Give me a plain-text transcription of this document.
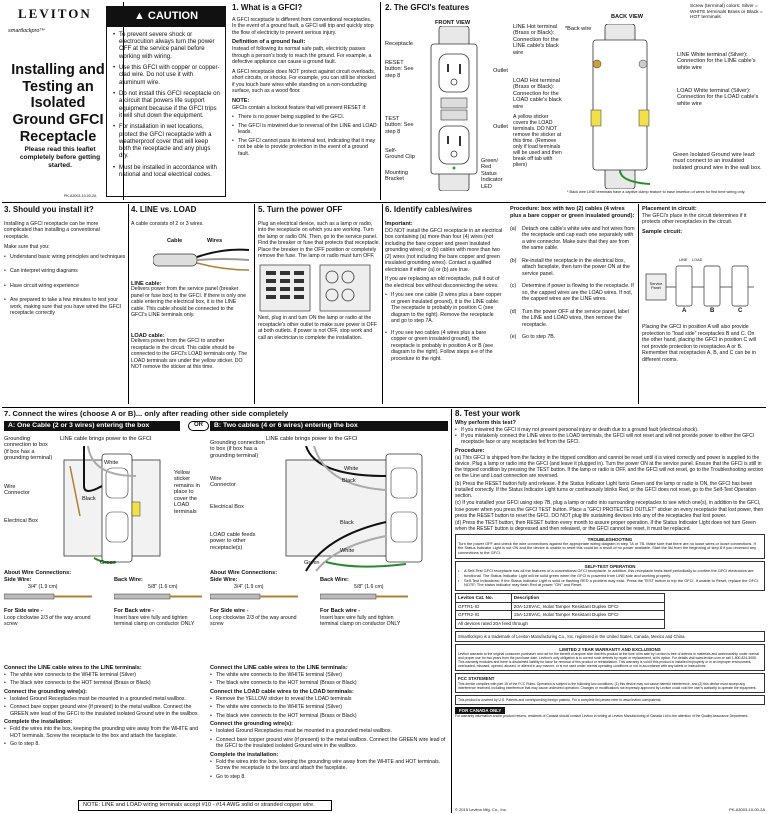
LEVITON
smartlockpro™
Installing and Testing an Isolated Ground GFCI Receptacle
Please read this leaflet completely before getting started.
PK-A3003-10-00-2A
▲ CAUTION
• To prevent severe shock or electrocution always turn the power OFF at the service panel before working with wiring.
• Use this GFCI with copper or copper-clad wire. Do not use it with aluminum wire.
• Do not install this GFCI receptacle on a circuit that powers life support equipment because if the GFCI trips it will shut down the equipment.
• For installation in wet locations, protect the GFCI receptacle with a weatherproof cover that will keep both the receptacle and any plugs dry.
• Must be installed in accordance with national and local electrical codes.
1. What is a GFCI?

A GFCI receptacle is different from conventional receptacles. In the event of a ground fault, a GFCI will trip and quickly stop the flow of electricity to prevent serious injury.

Definition of a ground fault:

Instead of following its normal safe path, electricity passes through a person's body to reach the ground. For example, a defective appliance can cause a ground fault.

A GFCI receptacle does NOT protect against circuit overloads, short circuits, or shocks. For example, you can still be shocked if you touch bare wires while standing on a non-conducting surface, such as a wood floor.

NOTE:

GFCIs contain a lockout feature that will prevent RESET if:

• There is no power being supplied to the GFCI.
• The GFCI is miswired due to reversal of the LINE and LOAD leads.
• The GFCI cannot pass its internal test, indicating that it may not be able to provide protection in the event of a ground fault.
2. The GFCI's features
FRONT VIEW
BACK VIEW
Screw (terminal) colors: Silver = WHITE terminals Brass or Black = HOT terminals
Receptacle
RESET button: See step 8
TEST button: See step 8
Self-Ground Clip
Mounting Bracket
Outlet
Outlet
Green/ Red Status Indicator LED
LINE Hot terminal (Brass or Black): Connection for the LINE cable's black wire
*Back wire
LOAD Hot terminal (Brass or Black): Connection for the LOAD cable's black wire
A yellow sticker covers the LOAD terminals. DO NOT remove the sticker at this time. (Remove only if load terminals will be used and then break off tab with pliers)
LINE White terminal (Silver): Connection for the LINE cable's white wire
LOAD White terminal (Silver): Connection for the LOAD cable's white wire
Green Isolated Ground wire lead: must connect to an insulated isolated ground wire in the wall box.
* Back wire LINE terminals have a captive clamp feature to ease insertion of wires for first time wiring only.
3. Should you install it?

Installing a GFCI receptacle can be more complicated than installing a conventional receptacle.

Make sure that you:

• Understand basic wiring principles and techniques
• Can interpret wiring diagrams
• Have circuit wiring experience
• Are prepared to take a few minutes to test your work, making sure that you have wired the GFCI receptacle correctly
4. LINE vs. LOAD

A cable consists of 2 or 3 wires.

Cable	Wires
LINE cable:

Delivers power from the service panel (breaker panel or fuse box) to the GFCI. If there is only one cable entering the electrical box, it is the LINE cable. This cable should be connected to the GFCI's LINE terminals only.

LOAD cable:

Delivers power from the GFCI to another receptacle in the circuit. This cable should be connected to the GFCI's LOAD terminals only. The LOAD terminals are under the yellow sticker. DO NOT remove the sticker at this time.

5. Turn the power OFF

Plug an electrical device, such as a lamp or radio, into the receptacle on which you are working. Turn the lamp or radio ON. Then, go to the service panel. Find the breaker or fuse that protects that receptacle. Place the breaker in the OFF position or completely remove the fuse. The lamp or radio must turn OFF.

Next, plug in and turn ON the lamp or radio at the receptacle's other outlet to make sure power is OFF at both outlets. If power is not OFF, stop work and call an electrician to complete the installation.

6. Identify cables/wires
Important:

DO NOT install the GFCI receptacle in an electrical box containing (a) more than four (4) wires (not including the bare copper and green insulated grounding wires); or (b) cables with more than two (2) wires (not including the bare copper and green insulated grounding wires). Contact a qualified electrician if either (a) or (b) are true.

If you are replacing an old receptacle, pull it out of the electrical box without disconnecting the wires.

• If you see one cable (2 wires plus a bare copper or green insulated ground), it is the LINE cable. The receptacle is probably in position C (see diagram to the right). Remove the receptacle and go to step 7A.
• If you see two cables (4 wires plus a bare copper or green insulated ground), the receptacle is probably in position A or B (see diagram to the right). Follow steps a-e of the procedure to the right.
Procedure: box with two (2) cables (4 wires plus a bare copper or green insulated ground):
(a)	Detach one cable's white wire and hot wires from the receptacle and cap each one separately with a wire connector. Make sure that they are from the same cable.
(b)	Re-install the receptacle in the electrical box, attach faceplate, then turn the power ON at the service panel.
(c)	Determine if power is flowing to the receptacle. If so, the capped wires are the LOAD wires. If not, the capped wires are the LINE wires.
(d)	Turn the power OFF at the service panel, label the LINE and LOAD wires, then remove the receptacle.
(e)	Go to step 7B.
Placement in circuit:

The GFCI's place in the circuit determines if it protects other receptacles in the circuit.

Sample circuit:
Service Panel
LINE LOAD
A	B	C

Placing the GFCI in position A will also provide protection to "load side" receptacles B and C. On the other hand, placing the GFCI in position C will not provide protection to receptacles A or B. Remember that receptacles A, B, and C can be in different rooms.

7. Connect the wires (choose A or B)... only after reading other side completely
A: One Cable (2 or 3 wires) entering the box	OR	B: Two cables (4 or 6 wires) entering the box
Grounding connection to box (if box has a grounding terminal)
LINE cable brings power to the GFCI
Wire Connector
Electrical Box
Yellow sticker remains in place to cover the LOAD terminals
White
Black
Green
Grounding connection to box (if box has a grounding terminal)
LINE cable brings power to the GFCI
Wire Connector
Electrical Box
LOAD cable feeds power to other receptacle(s)
White
Black
Black
White
Green
About Wire Connections:
Side Wire:
3/4" (1.9 cm)
For Side wire -
Loop clockwise 2/3 of the way around screw
Back Wire:
5/8" (1.6 cm)
For Back wire -
Insert bare wire fully and tighten terminal clamp on conductor ONLY
About Wire Connections:
Side Wire:
3/4" (1.9 cm)
For Side wire -
Loop clockwise 2/3 of the way around screw
Back Wire:
5/8" (1.6 cm)
For Back wire -
Insert bare wire fully and tighten terminal clamp on conductor ONLY
Connect the LINE cable wires to the LINE terminals:
• The white wire connects to the WHITE terminal (Silver)
• The black wire connects to the HOT terminal (Brass or Black)
Connect the grounding wire(s):
• Isolated Ground Receptacles must be mounted in a grounded metal wallbox.
• Connect bare copper ground wire (if present) to the metal wallbox. Connect the GREEN wire lead of the GFCI to the insulated isolated Ground wire in the wallbox.
Complete the installation:
• Fold the wires into the box, keeping the grounding wire away from the WHITE and HOT terminals. Screw the receptacle to the box and attach the faceplate.
• Go to step 8.
Connect the LINE cable wires to the LINE terminals:
• The white wire connects to the WHITE terminal (Silver)
• The black wire connects to the HOT terminal (Brass or Black)
Connect the LOAD cable wires to the LOAD terminals:
• Remove the YELLOW sticker to reveal the LOAD terminals
• The white wire connects to the WHITE terminal (Silver)
• The black wire connects to the HOT terminal (Brass or Black)
Connect the grounding wire(s):
• Isolated Ground Receptacles must be mounted in a grounded metal wallbox.
• Connect bare copper ground wire (if present) to the metal wallbox. Connect the GREEN wire lead of the GFCI to the insulated isolated Ground wire in the wallbox.
Complete the installation:
• Fold the wires into the box, keeping the grounding wire away from the WHITE and HOT terminals. Screw the receptacle to the box and attach the faceplate.
• Go to step 8.
NOTE: LINE and LOAD wiring terminals accept #10 - #14 AWG solid or stranded copper wire.
8. Test your work
Why perform this test?
• If you miswired the GFCI it may not prevent personal injury or death due to a ground fault (electrical shock).
• If you mistakenly connect the LINE wires to the LOAD terminals, the GFCI will not reset and will not provide power to either the GFCI receptacle face or any receptacles fed from the GFCI.
Procedure:

(a) This GFCI is shipped from the factory in the tripped condition and cannot be reset until it is wired correctly and power is supplied to the device. Plug a lamp or radio into the GFCI (and leave it plugged in). Turn the power ON at the service panel. Ensure that the GFCI is still in the tripped condition by pressing the TEST button. If the lamp or radio is OFF, and the GFCI will not reset, go to the Troubleshooting section on the Line and Load connection are reversed.

(b) Press the RESET button fully and release. If the Status Indicator Light turns Green and the lamp or radio is ON, the GFCI has been installed correctly. If the Status Indicator Light turns or continuously blinks Red, or the GFCI does not reset, go to the Self-Test Operation section.

(c) If you installed your GFCI using step 7B, plug a lamp or radio into surrounding receptacles to see which one(s), in addition to the GFCI, lose power when you press the GFCI TEST button. Place a "GFCI PROTECTED OUTLET" sticker on every receptacle that lost power, then press the RESET button to reset the GFCI. DO NOT plug life sustaining devices into any of the receptacles that lost power.

(d) Press the TEST button, then RESET button every month to assure proper operation. If the Status Indicator Light does not turn Green when the RESET button is depressed and then released, or the GFCI cannot be reset, it must be replaced.

TROUBLESHOOTING
Turn the power OFF and check the wire connections against the appropriate wiring diagram in step 7A or 7B. Make sure that there are no loose wires or loose connections. If the Status Indicator Light is not ON and the device is unable to reset this could be a result of no power available. Start the list from the beginning of step 8 if you reversed any connections to the GFCI.
SELF-TEST OPERATION
• A Self-Test GFCI receptacle has all the features of a conventional GFCI receptacle. In addition, this receptacle tests itself periodically to confirm the GFCI electronics are functional. The Status Indicator Light will be solid green when the GFCI is powered from LINE side and working properly.
• Self-Test Indications: If the Status Indicator Light is solid or flashing RED a problem may exist. Press the TEST button to trip the GFCI. If unable to Reset, replace the GFCI. NOTE: The status indicator may flash Red at power "ON" and Reset.
Leviton Cat. No.	Description
GFTR1-IG	20A-125VAC, Isolat Tamper Resistant Duplex GFCI
GFTR2-IG	15A-125VAC, Isolat Tamper Resistant Duplex GFCI
All devices rated 20A feed through	
Smartlockpro is a trademark of Leviton Manufacturing Co., Inc. registered in the United States, Canada, Mexico and China.
LIMITED 2 YEAR WARRANTY AND EXCLUSIONS
Leviton warrants to the original consumer purchaser and not for the benefit of anyone else that this product at the time of its sale by Leviton is free of defects in materials and workmanship under normal and proper use for two years from the purchase date. Leviton's only obligation is to correct such defects by repair or replacement, at its option. For details visit www.leviton.com or call 1-800-824-3005. This warranty excludes and there is disclaimed liability for labor for removal of this product or reinstallation. This warranty is void if this product is installed improperly or in an improper environment, overloaded, misused, opened, abused, or altered in any manner, or is not used under normal operating conditions or not in accordance with any labels or instructions.
FCC STATEMENT
This device complies with part 15 of the FCC Rules. Operation is subject to the following two conditions: (1) this device may not cause harmful interference, and (2) this device must accept any interference received, including interference that may cause undesired operation. Changes or modifications not expressly approved by Leviton could void the user's authority to operate the equipment.
This product is covered by U.S. Patents and corresponding foreign patents. For a complete list please refer to www.leviton.com/patents.
FOR CANADA ONLY
For warranty information and/or product returns, residents of Canada should contact Leviton in writing at Leviton Manufacturing of Canada Ltd to the attention of the Quality Assurance Department.
© 2015 Leviton Mfg. Co., Inc.	PK-A3003-10-00-2A
